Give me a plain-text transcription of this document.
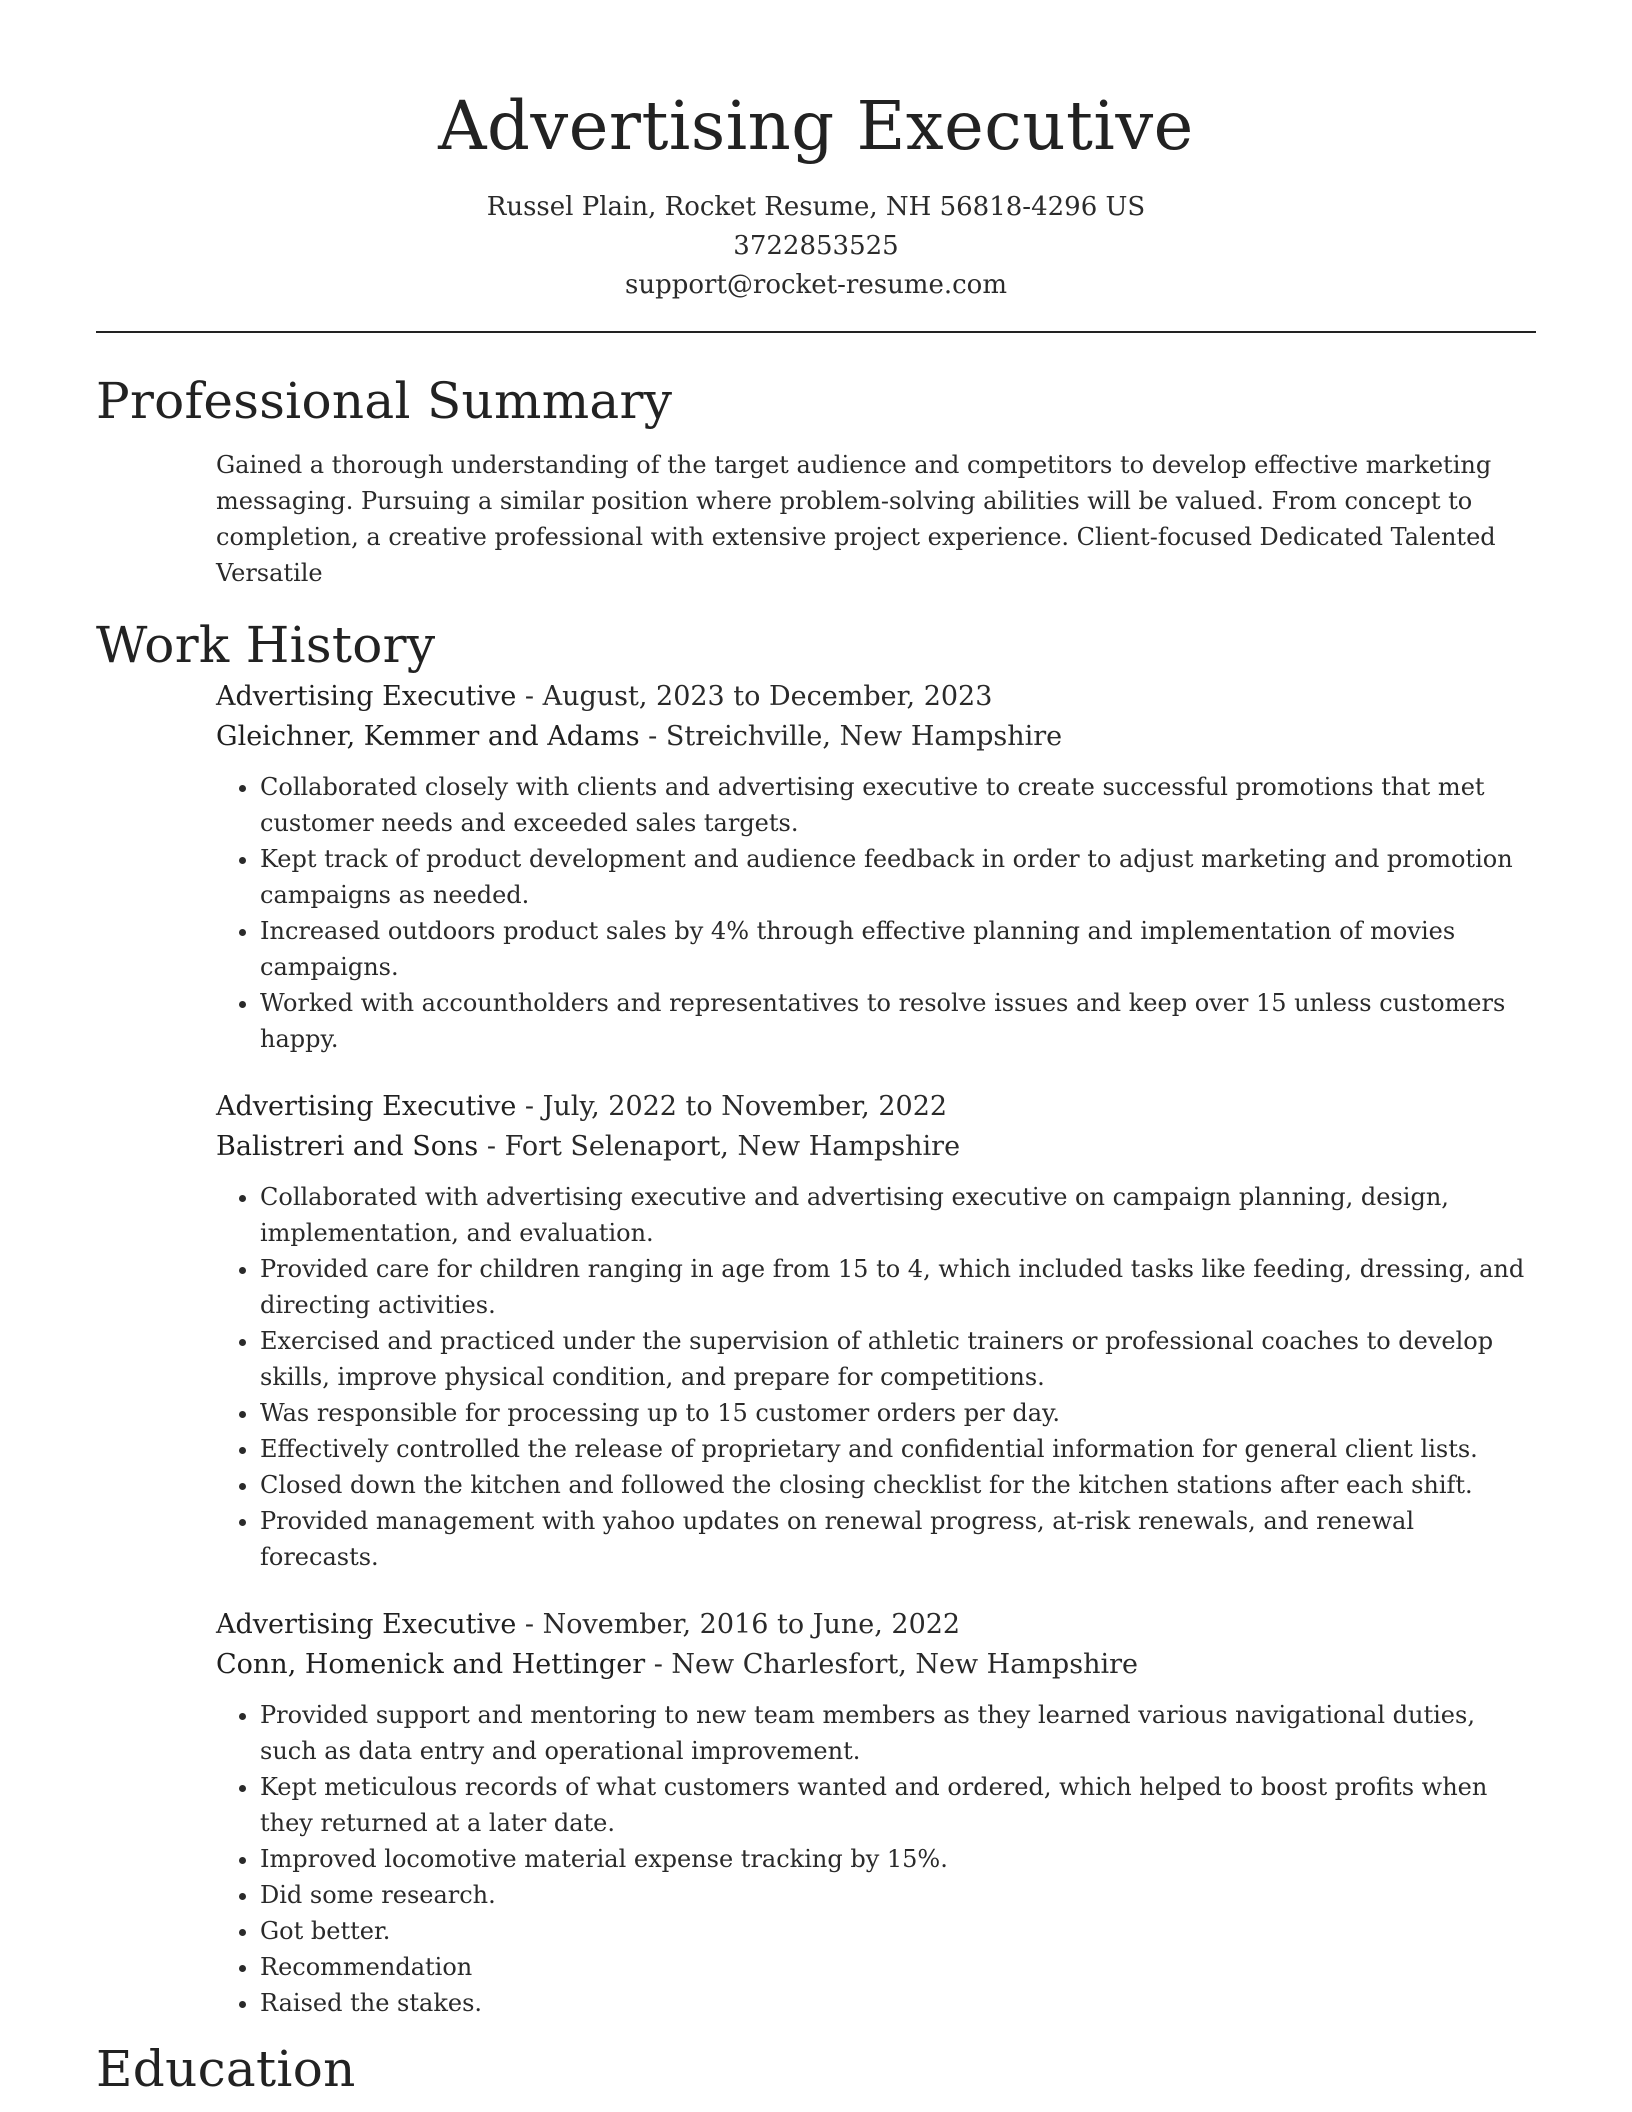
Advertising Executive
Russel Plain, Rocket Resume, NH 56818-4296 US
3722853525
support@rocket-resume.com
Professional Summary

Gained a thorough understanding of the target audience and competitors to develop effective marketing messaging. Pursuing a similar position where problem-solving abilities will be valued. From concept to completion, a creative professional with extensive project experience. Client-focused Dedicated Talented Versatile

Work History
Advertising Executive - August, 2023 to December, 2023
Gleichner, Kemmer and Adams - Streichville, New Hampshire
• Collaborated closely with clients and advertising executive to create successful promotions that met customer needs and exceeded sales targets.
• Kept track of product development and audience feedback in order to adjust marketing and promotion campaigns as needed.
• Increased outdoors product sales by 4% through effective planning and implementation of movies campaigns.
• Worked with accountholders and representatives to resolve issues and keep over 15 unless customers happy.
Advertising Executive - July, 2022 to November, 2022
Balistreri and Sons - Fort Selenaport, New Hampshire
• Collaborated with advertising executive and advertising executive on campaign planning, design, implementation, and evaluation.
• Provided care for children ranging in age from 15 to 4, which included tasks like feeding, dressing, and directing activities.
• Exercised and practiced under the supervision of athletic trainers or professional coaches to develop skills, improve physical condition, and prepare for competitions.
• Was responsible for processing up to 15 customer orders per day.
• Effectively controlled the release of proprietary and confidential information for general client lists.
• Closed down the kitchen and followed the closing checklist for the kitchen stations after each shift.
• Provided management with yahoo updates on renewal progress, at-risk renewals, and renewal forecasts.
Advertising Executive - November, 2016 to June, 2022
Conn, Homenick and Hettinger - New Charlesfort, New Hampshire
• Provided support and mentoring to new team members as they learned various navigational duties, such as data entry and operational improvement.
• Kept meticulous records of what customers wanted and ordered, which helped to boost profits when they returned at a later date.
• Improved locomotive material expense tracking by 15%.
• Did some research.
• Got better.
• Recommendation
• Raised the stakes.
Education
